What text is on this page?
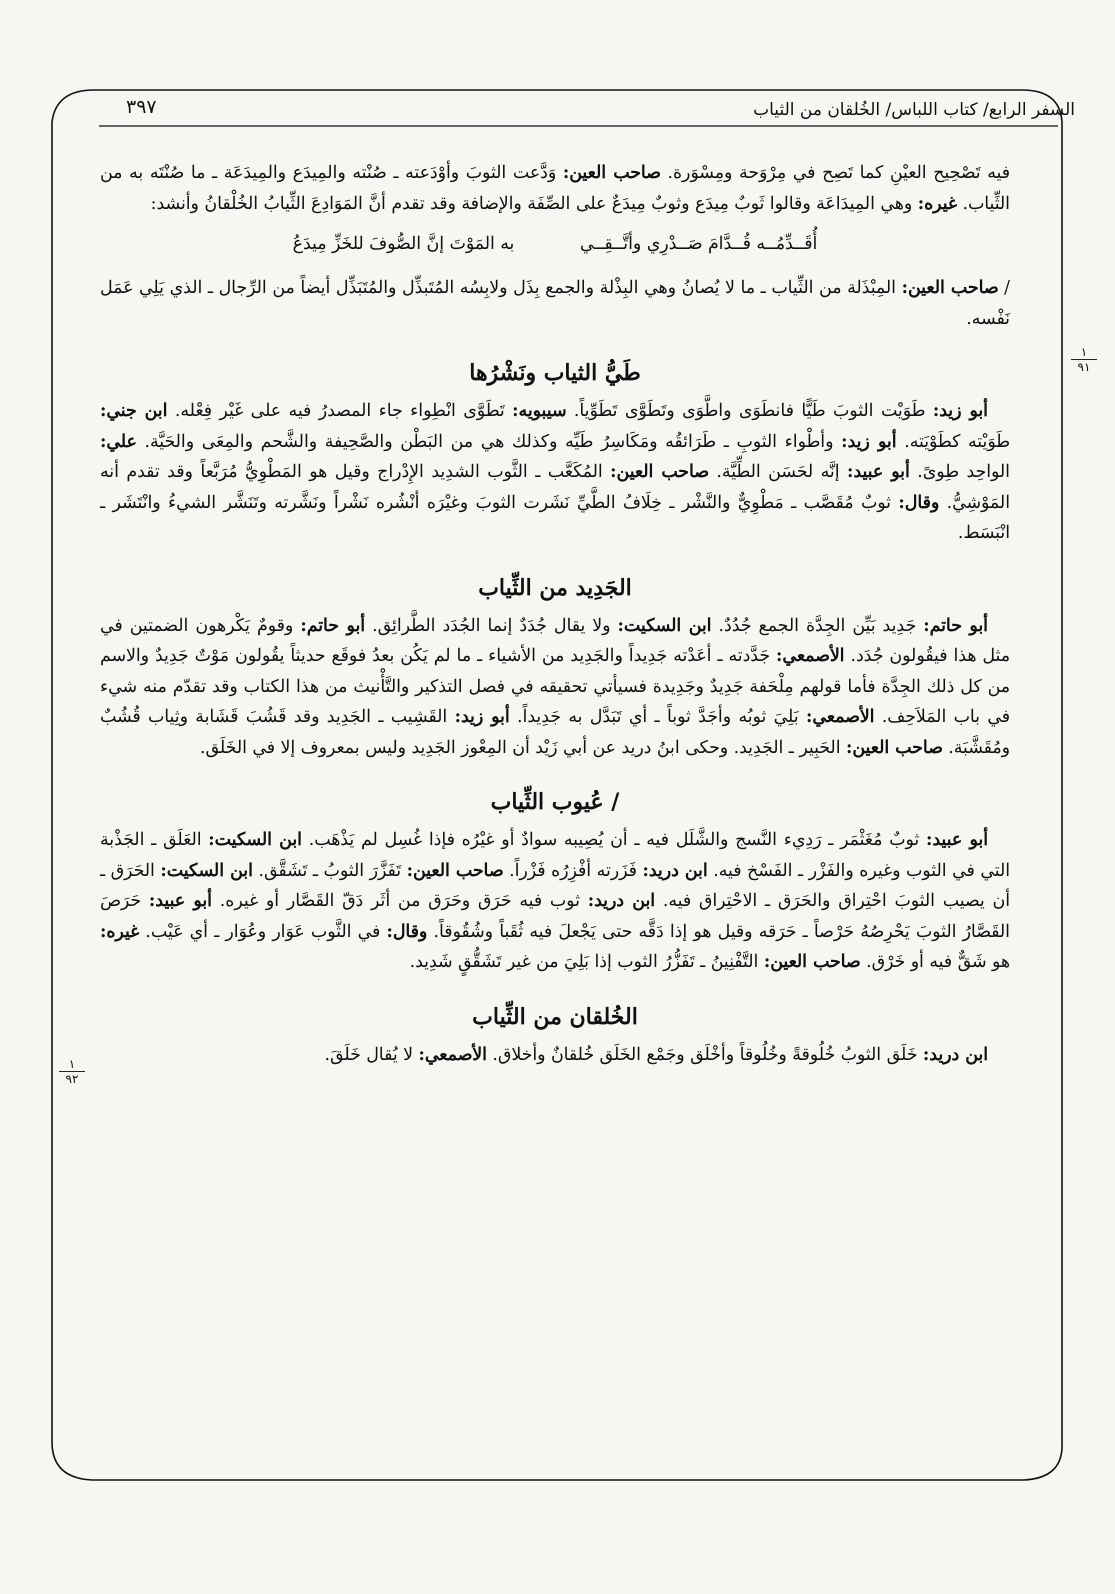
السفر الرابع/ كتاب اللباس/ الخُلقان من الثياب
٣٩٧
١
٩١
١
٩٢

فيه تَصْحِيح العيْنِ كما تَصِح في مِرْوَحة ومِسْوَرة. صاحب العين: وَدَّعت الثوبَ وأوْدَعته ـ صُنْته والمِيدَع والمِيدَعَة ـ ما صُنْتَه به من الثِّياب. غيره: وهي المِيدَاعَة وقالوا ثَوبٌ مِيدَع وثوبٌ مِيدَعٌ على الصِّفَة والإضافة وقد تقدم أنَّ المَوَادِعَ الثِّيابُ الخُلْقانُ وأنشد:

أُقَــدِّمُــه قُــدَّامَ صَــدْرِي وأتَّــقِــي به المَوْتَ إنَّ الصُّوفَ للخَزِّ مِيدَعُ

/ صاحب العين: المِبْذَلة من الثِّياب ـ ما لا يُصانُ وهي البِذْلة والجمع بِذَل ولابِسُه المُتَبذِّل والمُتَبَذِّل أيضاً من الرِّجال ـ الذي يَلِي عَمَل نَفْسه.

طَيُّ الثياب ونَشْرُها

أبو زيد: طَوَيْت الثوبَ طَيًّا فانطَوَى واطَّوَى وتَطَوَّى تَطَوِّياً. سيبويه: تَطَوَّى انْطِواء جاء المصدرُ فيه على غَيْر فِعْله. ابن جني: طَوَيْته كطَوْيَته. أبو زيد: وأطْواء الثوبِ ـ طَرَائقُه ومَكَاسِرُ طَيِّه وكذلك هي من البَطْن والصَّحِيفة والشَّحم والمِعَى والحَيَّة. علي: الواحِد طِوىً. أبو عبيد: إنَّه لحَسَن الطِّيَّة. صاحب العين: المُكَعَّب ـ الثَّوب الشدِيد الإِدْراج وقيل هو المَطْوِيُّ مُرَبَّعاً وقد تقدم أنه المَوْشِيُّ. وقال: ثوبٌ مُقَصَّب ـ مَطْوِيٌّ والنَّشْر ـ خِلَافُ الطَّيِّ نَشَرت الثوبَ وغيْرَه أنْشُره نَشْراً ونَشَّرته وتَنَشَّر الشيءُ وانْتَشَر ـ انْبَسَط.

الجَدِيد من الثِّياب

أبو حاتم: جَدِيد بَيِّن الجِدَّة الجمع جُدُدٌ. ابن السكيت: ولا يقال جُدَدٌ إنما الجُدَد الطَّرائِق. أبو حاتم: وقومٌ يَكْرهون الضمتين في مثل هذا فيقُولون جُدَد. الأصمعي: جَدَّدته ـ أعَدْته جَدِيداً والجَدِيد من الأشياء ـ ما لم يَكُن بعدُ فوقَع حديثاً يقُولون مَوْتٌ جَدِيدٌ والاسم من كل ذلك الجِدَّة فأما قولهم مِلْحَفة جَدِيدٌ وجَدِيدة فسيأتي تحقيقه في فصل التذكير والتَّأْنيث من هذا الكتاب وقد تقدّم منه شيء في باب المَلاَحِف. الأصمعي: بَلِيَ ثوبُه وأجَدَّ ثوباً ـ أي تَبَدَّل به جَدِيداً. أبو زيد: القَشِيب ـ الجَدِيد وقد قَشُبَ قَشَابة وثِياب قُشُبٌ ومُقَشَّبَة. صاحب العين: الحَبِير ـ الجَدِيد. وحكى ابنُ دريد عن أبي زَيْد أن المِعْوز الجَدِيد وليس بمعروف إلا في الخَلَق.

/ عُيوب الثِّياب

أبو عبيد: ثوبٌ مُغَثْمَر ـ رَدِيء النَّسج والشَّلَل فيه ـ أن يُصِيبه سوادٌ أو غيْرُه فإذا غُسِل لم يَذْهَب. ابن السكيت: العَلَق ـ الجَذْبة التي في الثوب وغيره والفَزْر ـ الفَسْخ فيه. ابن دريد: فَزَرته أفْزِرُه فَزْراً. صاحب العين: تَفَزَّرَ الثوبُ ـ تَشَقَّق. ابن السكيت: الحَرَق ـ أن يصيب الثوبَ احْتِراق والحَرَق ـ الاحْتِراق فيه. ابن دريد: ثوب فيه حَرَق وحَرَق من أثَر دَقّ القَصَّار أو غيره. أبو عبيد: حَرَصَ القَصَّارُ الثوبَ يَحْرِصُهُ حَرْصاً ـ حَرَقه وقيل هو إذا دَقَّه حتى يَجْعلَ فيه ثُقَباً وشُقُوقاً. وقال: في الثَّوب عَوَار وعُوَار ـ أي عَيْب. غيره: هو شَقٌّ فيه أو خَرْق. صاحب العين: التَّفْنِينُ ـ تَفَزُّرُ الثوب إذا بَلِيَ من غير تَشَقُّقٍ شَدِيد.

الخُلقان من الثِّياب

ابن دريد: خَلَق الثوبُ خُلُوقةً وخُلُوقاً وأخْلَق وجَمْع الخَلَق خُلقانٌ وأخلاق. الأصمعي: لا يُقال خَلَقَ.
